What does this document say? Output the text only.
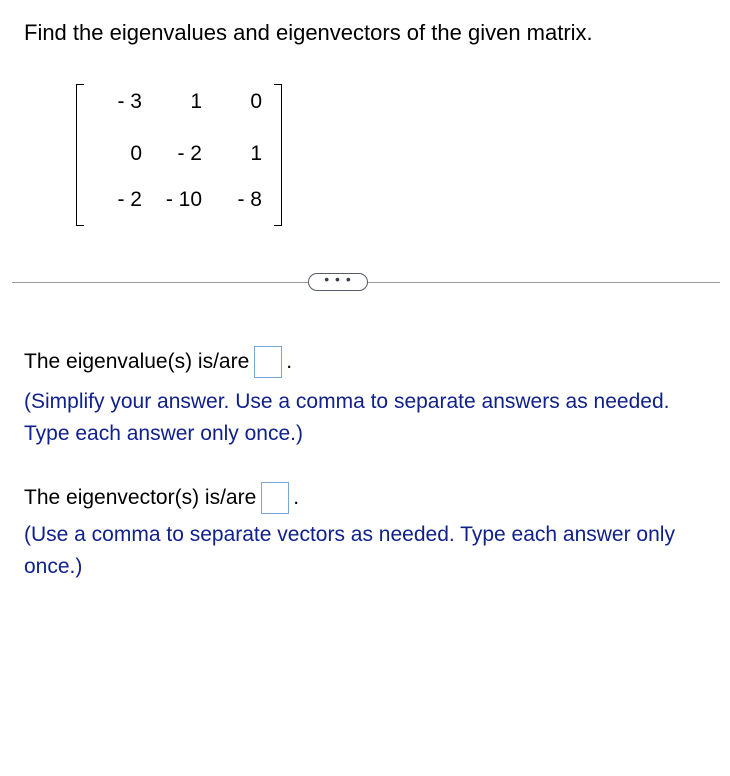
Find the eigenvalues and eigenvectors of the given matrix.
- 3	1	0
0	- 2	1
- 2	- 10	- 8
• • •
The eigenvalue(s) is/are .
(Simplify your answer. Use a comma to separate answers as needed. Type each answer only once.)
The eigenvector(s) is/are .
(Use a comma to separate vectors as needed. Type each answer only once.)
